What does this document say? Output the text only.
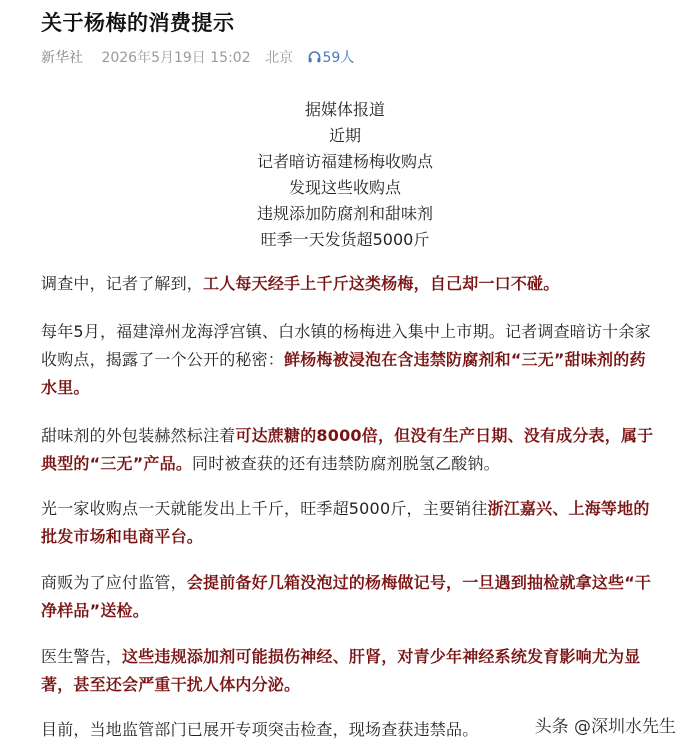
关于杨梅的消费提示
新华社 2026年5月19日 15:02 北京 59人
据媒体报道
近期
记者暗访福建杨梅收购点
发现这些收购点
违规添加防腐剂和甜味剂
旺季一天发货超5000斤
调查中，记者了解到，工人每天经手上千斤这类杨梅，自己却一口不碰。
每年5月，福建漳州龙海浮宫镇、白水镇的杨梅进入集中上市期。记者调查暗访十余家收购点，揭露了一个公开的秘密：鲜杨梅被浸泡在含违禁防腐剂和“三无”甜味剂的药水里。
甜味剂的外包装赫然标注着可达蔗糖的8000倍，但没有生产日期、没有成分表，属于典型的“三无”产品。同时被查获的还有违禁防腐剂脱氢乙酸钠。
光一家收购点一天就能发出上千斤，旺季超5000斤，主要销往浙江嘉兴、上海等地的批发市场和电商平台。
商贩为了应付监管，会提前备好几箱没泡过的杨梅做记号，一旦遇到抽检就拿这些“干净样品”送检。
医生警告，这些违规添加剂可能损伤神经、肝肾，对青少年神经系统发育影响尤为显著，甚至还会严重干扰人体内分泌。
目前，当地监管部门已展开专项突击检查，现场查获违禁品。	头条 @深圳水先生
